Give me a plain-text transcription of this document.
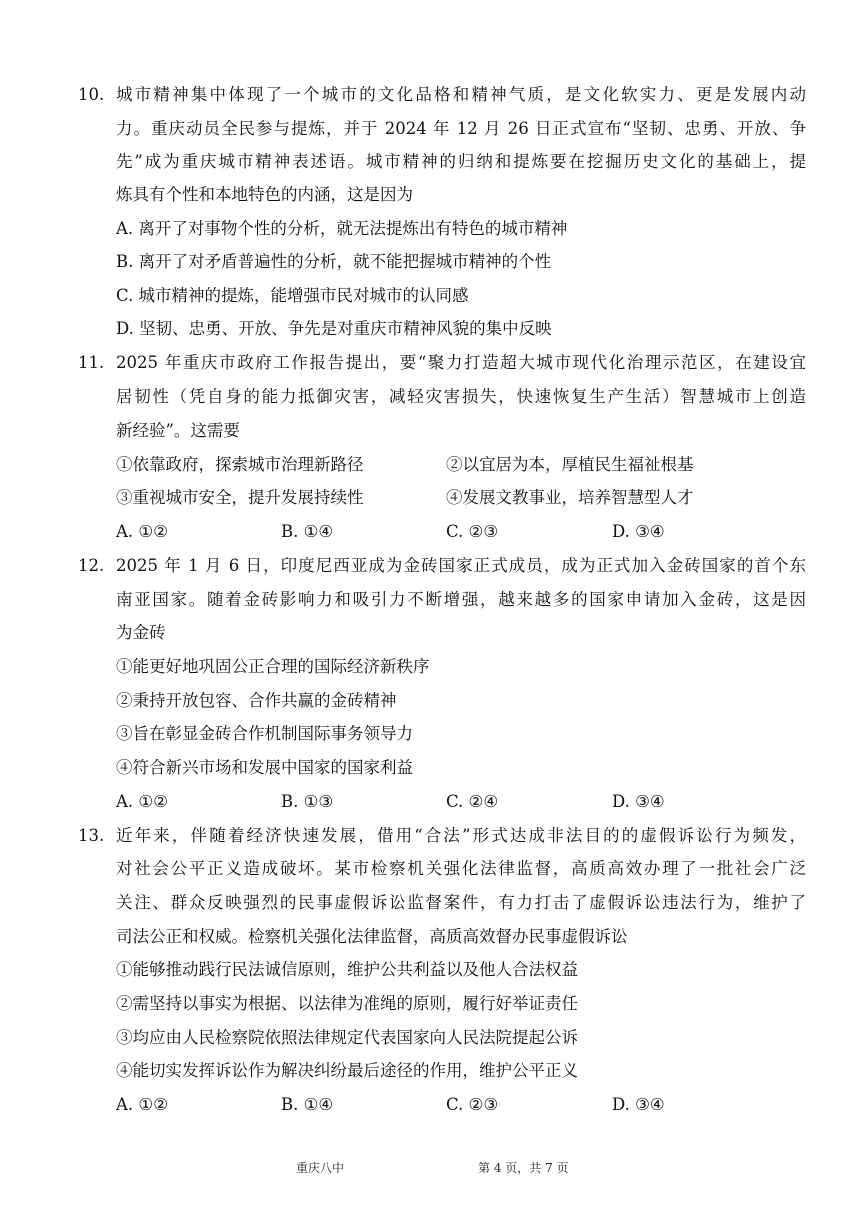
10. 城市精神集中体现了一个城市的文化品格和精神气质，是文化软实力、更是发展内动
力。重庆动员全民参与提炼，并于 2024 年 12 月 26 日正式宣布“坚韧、忠勇、开放、争
先”成为重庆城市精神表述语。城市精神的归纳和提炼要在挖掘历史文化的基础上，提
炼具有个性和本地特色的内涵，这是因为
A. 离开了对事物个性的分析，就无法提炼出有特色的城市精神
B. 离开了对矛盾普遍性的分析，就不能把握城市精神的个性
C. 城市精神的提炼，能增强市民对城市的认同感
D. 坚韧、忠勇、开放、争先是对重庆市精神风貌的集中反映
11. 2025 年重庆市政府工作报告提出，要“聚力打造超大城市现代化治理示范区，在建设宜
居韧性（凭自身的能力抵御灾害，减轻灾害损失，快速恢复生产生活）智慧城市上创造
新经验”。这需要
①依靠政府，探索城市治理新路径	②以宜居为本，厚植民生福祉根基
③重视城市安全，提升发展持续性	④发展文教事业，培养智慧型人才
A. ①②	B. ①④	C. ②③	D. ③④
12. 2025 年 1 月 6 日，印度尼西亚成为金砖国家正式成员，成为正式加入金砖国家的首个东
南亚国家。随着金砖影响力和吸引力不断增强，越来越多的国家申请加入金砖，这是因
为金砖
①能更好地巩固公正合理的国际经济新秩序
②秉持开放包容、合作共赢的金砖精神
③旨在彰显金砖合作机制国际事务领导力
④符合新兴市场和发展中国家的国家利益
A. ①②	B. ①③	C. ②④	D. ③④
13. 近年来，伴随着经济快速发展，借用“合法”形式达成非法目的的虚假诉讼行为频发，
对社会公平正义造成破坏。某市检察机关强化法律监督，高质高效办理了一批社会广泛
关注、群众反映强烈的民事虚假诉讼监督案件，有力打击了虚假诉讼违法行为，维护了
司法公正和权威。检察机关强化法律监督，高质高效督办民事虚假诉讼
①能够推动践行民法诚信原则，维护公共利益以及他人合法权益
②需坚持以事实为根据、以法律为准绳的原则，履行好举证责任
③均应由人民检察院依照法律规定代表国家向人民法院提起公诉
④能切实发挥诉讼作为解决纠纷最后途径的作用，维护公平正义
A. ①②	B. ①④	C. ②③	D. ③④
重庆八中	第 4 页，共 7 页
